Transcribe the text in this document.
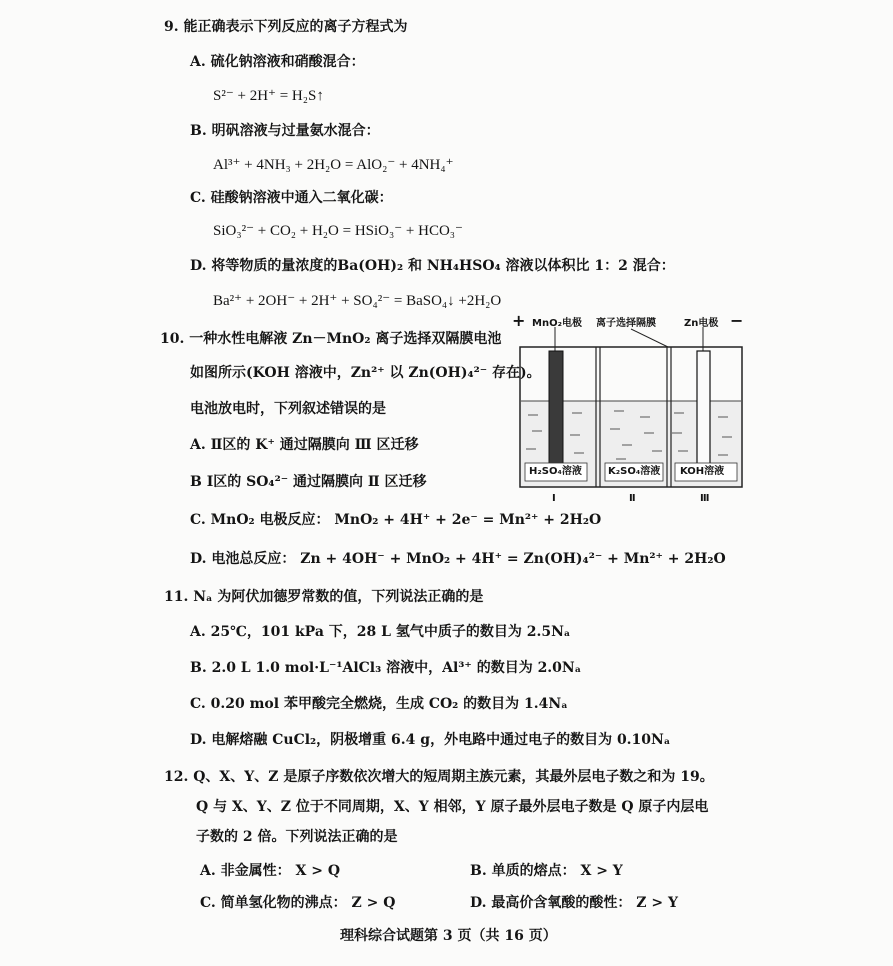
9. 能正确表示下列反应的离子方程式为
A. 硫化钠溶液和硝酸混合：
S²⁻ + 2H⁺ = H₂S↑
B. 明矾溶液与过量氨水混合：
Al³⁺ + 4NH₃ + 2H₂O = AlO₂⁻ + 4NH₄⁺
C. 硅酸钠溶液中通入二氧化碳：
SiO₃²⁻ + CO₂ + H₂O = HSiO₃⁻ + HCO₃⁻
D. 将等物质的量浓度的Ba(OH)₂ 和 NH₄HSO₄ 溶液以体积比 1：2 混合：
Ba²⁺ + 2OH⁻ + 2H⁺ + SO₄²⁻ = BaSO₄↓ +2H₂O
10. 一种水性电解液 Zn－MnO₂ 离子选择双隔膜电池
如图所示(KOH 溶液中，Zn²⁺ 以 Zn(OH)₄²⁻ 存在)。
电池放电时，下列叙述错误的是
A. Ⅱ区的 K⁺ 通过隔膜向 Ⅲ 区迁移
B Ⅰ区的 SO₄²⁻ 通过隔膜向 Ⅱ 区迁移
C. MnO₂ 电极反应： MnO₂ + 4H⁺ + 2e⁻ = Mn²⁺ + 2H₂O
D. 电池总反应： Zn + 4OH⁻ + MnO₂ + 4H⁺ = Zn(OH)₄²⁻ + Mn²⁺ + 2H₂O
+ MnO₂电极 离子选择隔膜	Zn电极 −
H₂SO₄溶液	K₂SO₄溶液 KOH溶液
Ⅰ	Ⅱ	Ⅲ
11. Nₐ 为阿伏加德罗常数的值，下列说法正确的是
A. 25℃，101 kPa 下，28 L 氢气中质子的数目为 2.5Nₐ
B. 2.0 L 1.0 mol·L⁻¹AlCl₃ 溶液中，Al³⁺ 的数目为 2.0Nₐ
C. 0.20 mol 苯甲酸完全燃烧，生成 CO₂ 的数目为 1.4Nₐ
D. 电解熔融 CuCl₂，阴极增重 6.4 g，外电路中通过电子的数目为 0.10Nₐ
12. Q、X、Y、Z 是原子序数依次增大的短周期主族元素，其最外层电子数之和为 19。
Q 与 X、Y、Z 位于不同周期，X、Y 相邻，Y 原子最外层电子数是 Q 原子内层电
子数的 2 倍。下列说法正确的是
A. 非金属性： X > Q	B. 单质的熔点： X > Y
C. 简单氢化物的沸点： Z > Q	D. 最高价含氧酸的酸性： Z > Y
理科综合试题第 3 页（共 16 页）
